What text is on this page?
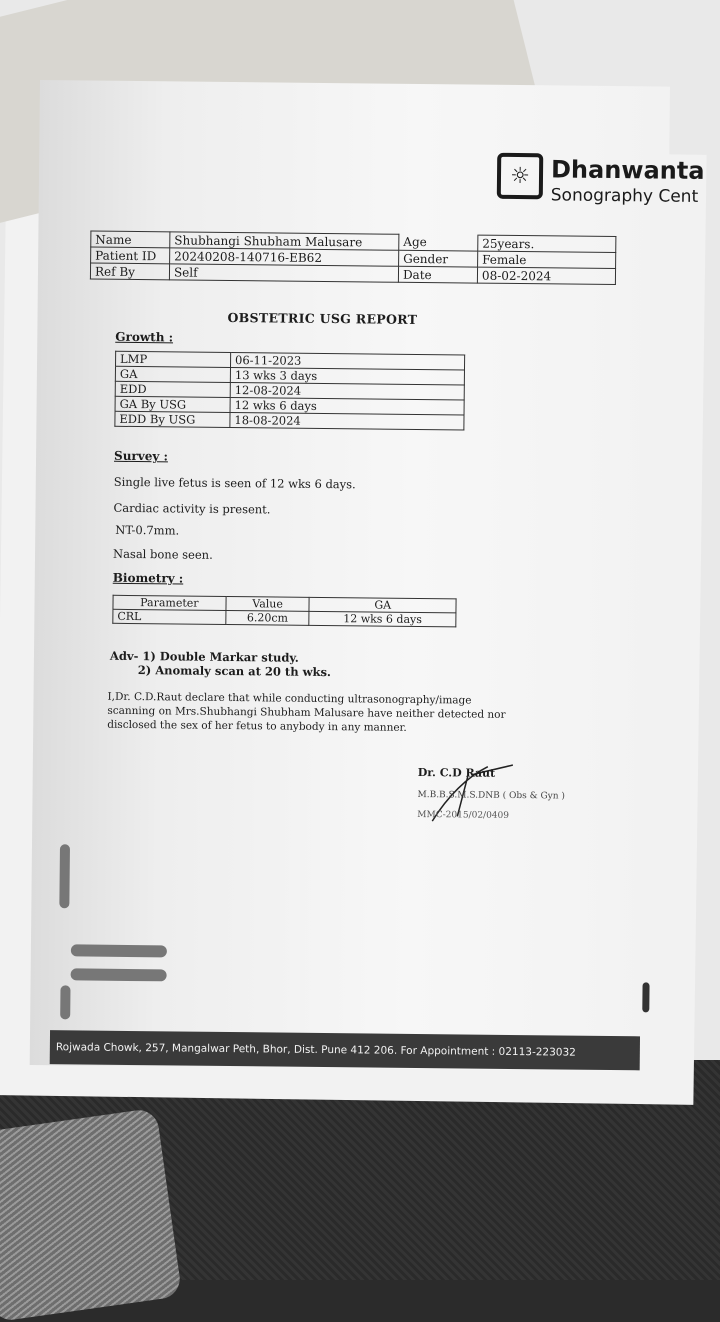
☼ Dhanwanta
Sonography Cent
Name	Shubhangi Shubham Malusare	Age	25years.
Patient ID	20240208-140716-EB62	Gender	Female
Ref By	Self	Date	08-02-2024
OBSTETRIC USG REPORT
Growth :
LMP	06-11-2023
GA	13 wks 3 days
EDD	12-08-2024
GA By USG	12 wks 6 days
EDD By USG	18-08-2024
Survey :
Single live fetus is seen of 12 wks 6 days.
Cardiac activity is present.
NT-0.7mm.
Nasal bone seen.
Biometry :
Parameter	Value	GA
CRL	6.20cm	12 wks 6 days
Adv- 1) Double Markar study.
2) Anomaly scan at 20 th wks.
I,Dr. C.D.Raut declare that while conducting ultrasonography/image
scanning on Mrs.Shubhangi Shubham Malusare have neither detected nor
disclosed the sex of her fetus to anybody in any manner.
Dr. C.D Raut
M.B.B.S.M.S.DNB ( Obs & Gyn )
MMC-2015/02/0409
Rojwada Chowk, 257, Mangalwar Peth, Bhor, Dist. Pune 412 206. For Appointment : 02113-223032
